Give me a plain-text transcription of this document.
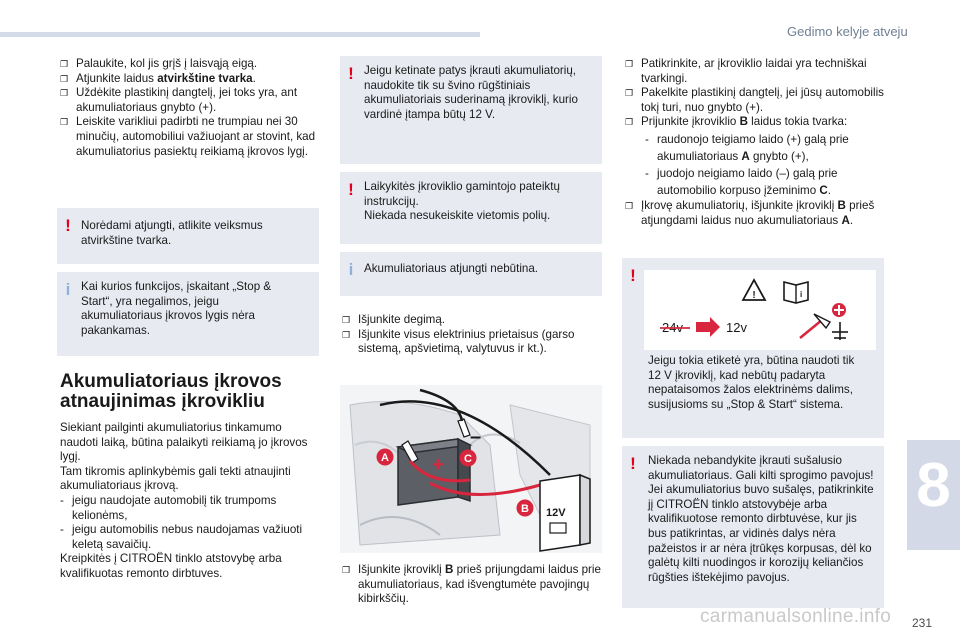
Gedimo kelyje atveju
❐ Palaukite, kol jis grįš į laisvąją eigą.
❐ Atjunkite laidus atvirkštine tvarka.
❐ Uždėkite plastikinį dangtelį, jei toks yra, ant akumuliatoriaus gnybto (+).
❐ Leiskite varikliui padirbti ne trumpiau nei 30 minučių, automobiliui važiuojant ar stovint, kad akumuliatorius pasiektų reikiamą įkrovos lygį.
! Norėdami atjungti, atlikite veiksmus atvirkštine tvarka.
i Kai kurios funkcijos, įskaitant „Stop & Start“, yra negalimos, jeigu akumuliatoriaus įkrovos lygis nėra pakankamas.
Akumuliatoriaus įkrovos
atnaujinimas įkrovikliu
Siekiant pailginti akumuliatorius tinkamumo naudoti laiką, būtina palaikyti reikiamą jo įkrovos lygį.
Tam tikromis aplinkybėmis gali tekti atnaujinti akumuliatoriaus įkrovą.
- jeigu naudojate automobilį tik trumpoms kelionėms,
- jeigu automobilis nebus naudojamas važiuoti keletą savaičių.
Kreipkitės į CITROËN tinklo atstovybę arba kvalifikuotas remonto dirbtuves.
! Jeigu ketinate patys įkrauti akumuliatorių, naudokite tik su švino rūgštiniais akumuliatoriais suderinamą įkroviklį, kurio vardinė įtampa būtų 12 V.
! Laikykitės įkroviklio gamintojo pateiktų instrukcijų.
Niekada nesukeiskite vietomis polių.
i Akumuliatoriaus atjungti nebūtina.
❐ Išjunkite degimą.
❐ Išjunkite visus elektrinius prietaisus (garso sistemą, apšvietimą, valytuvus ir kt.).
+
–
12V
A	C
B
❐ Išjunkite įkroviklį B prieš prijungdami laidus prie akumuliatoriaus, kad išvengtumėte pavojingų kibirkščių.
❐ Patikrinkite, ar įkroviklio laidai yra techniškai tvarkingi.
❐ Pakelkite plastikinį dangtelį, jei jūsų automobilis tokį turi, nuo gnybto (+).
❐ Prijunkite įkroviklio B laidus tokia tvarka:
- raudonojo teigiamo laido (+) galą prie akumuliatoriaus A gnybto (+),
- juodojo neigiamo laido (–) galą prie automobilio korpuso įžeminimo C.
❐ Įkrovę akumuliatorių, išjunkite įkroviklį B prieš atjungdami laidus nuo akumuliatoriaus A.
!
!	i
24v	12v
Jeigu tokia etiketė yra, būtina naudoti tik 12 V įkroviklį, kad nebūtų padaryta nepataisomos žalos elektrinėms dalims, susijusioms su „Stop & Start“ sistema.
! Niekada nebandykite įkrauti sušalusio akumuliatoriaus. Gali kilti sprogimo pavojus!
Jei akumuliatorius buvo sušalęs, patikrinkite jį CITROËN tinklo atstovybėje arba kvalifikuotose remonto dirbtuvėse, kur jis bus patikrintas, ar vidinės dalys nėra pažeistos ir ar nėra įtrūkęs korpusas, dėl ko galėtų kilti nuodingos ir korozijų keliančios rūgšties ištekėjimo pavojus.
8
carmanualsonline.info 231
